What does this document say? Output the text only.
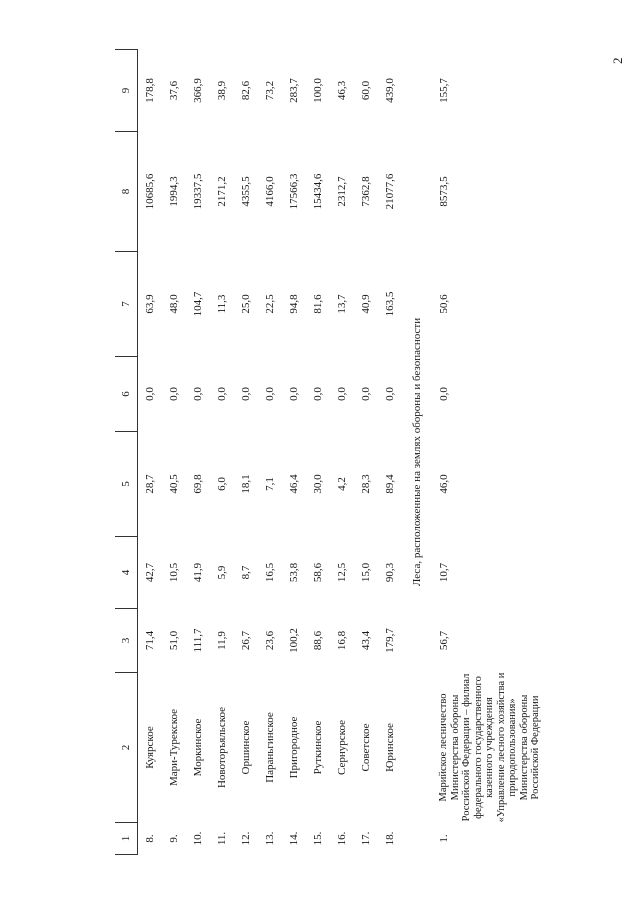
2
1	2	3	4	5	6	7	8	9
8.	Куярское	71,4	42,7	28,7	0,0	63,9	10685,6	178,8
9.	Мари-Турекское	51,0	10,5	40,5	0,0	48,0	1994,3	37,6
10.	Моркинское	111,7	41,9	69,8	0,0	104,7	19337,5	366,9
11.	Новоторъяльское	11,9	5,9	6,0	0,0	11,3	2171,2	38,9
12.	Оршинское	26,7	8,7	18,1	0,0	25,0	4355,5	82,6
13.	Параньгинское	23,6	16,5	7,1	0,0	22,5	4166,0	73,2
14.	Пригородное	100,2	53,8	46,4	0,0	94,8	17566,3	283,7
15.	Руткинское	88,6	58,6	30,0	0,0	81,6	15434,6	100,0
16.	Сернурское	16,8	12,5	4,2	0,0	13,7	2312,7	46,3
17.	Советское	43,4	15,0	28,3	0,0	40,9	7362,8	60,0
18.	Юринское	179,7	90,3	89,4	0,0	163,5	21077,6	439,0
Леса, расположенные на землях обороны и безопасности								
1.	Марийское лесничество Министерства обороны Российской Федерации – филиал федерального государственного казенного учреждения «Управление лесного хозяйства и природопользования» Министерства обороны Российской Федерации	56,7	10,7	46,0	0,0	50,6	8573,5	155,7
